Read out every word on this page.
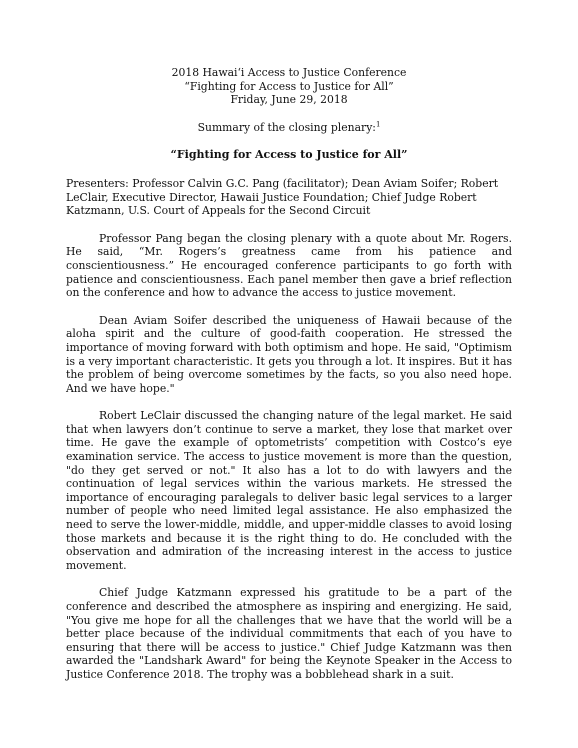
2018 Hawaiʻi Access to Justice Conference

“Fighting for Access to Justice for All”

Friday, June 29, 2018

Summary of the closing plenary:$^1$

“Fighting for Access to Justice for All”

Presenters: Professor Calvin G.C. Pang (facilitator); Dean Aviam Soifer; Robert LeClair, Executive Director, Hawaii Justice Foundation; Chief Judge Robert Katzmann, U.S. Court of Appeals for the Second Circuit

Professor Pang began the closing plenary with a quote about Mr. Rogers. He said, “Mr. Rogers’s greatness came from his patience and conscientiousness.” He encouraged conference participants to go forth with patience and conscientiousness. Each panel member then gave a brief reflection on the conference and how to advance the access to justice movement.

Dean Aviam Soifer described the uniqueness of Hawaii because of the aloha spirit and the culture of good-faith cooperation. He stressed the importance of moving forward with both optimism and hope. He said, "Optimism is a very important characteristic. It gets you through a lot. It inspires. But it has the problem of being overcome sometimes by the facts, so you also need hope. And we have hope."

Robert LeClair discussed the changing nature of the legal market. He said that when lawyers don’t continue to serve a market, they lose that market over time. He gave the example of optometrists’ competition with Costco’s eye examination service. The access to justice movement is more than the question, "do they get served or not." It also has a lot to do with lawyers and the continuation of legal services within the various markets. He stressed the importance of encouraging paralegals to deliver basic legal services to a larger number of people who need limited legal assistance. He also emphasized the need to serve the lower-middle, middle, and upper-middle classes to avoid losing those markets and because it is the right thing to do. He concluded with the observation and admiration of the increasing interest in the access to justice movement.

Chief Judge Katzmann expressed his gratitude to be a part of the conference and described the atmosphere as inspiring and energizing. He said, "You give me hope for all the challenges that we have that the world will be a better place because of the individual commitments that each of you have to ensuring that there will be access to justice." Chief Judge Katzmann was then awarded the "Landshark Award" for being the Keynote Speaker in the Access to Justice Conference 2018. The trophy was a bobblehead shark in a suit.
